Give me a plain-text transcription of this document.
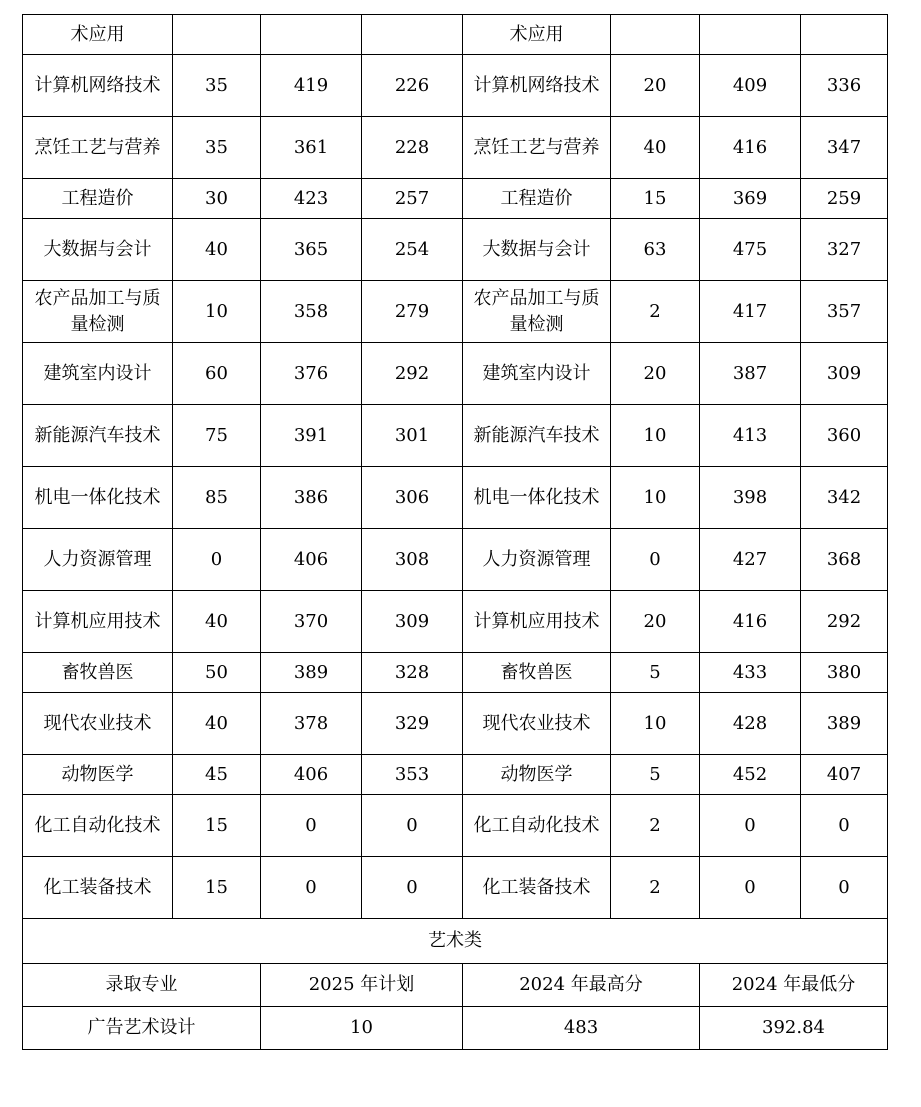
术应用				术应用			
计算机网络技术	35	419	226	计算机网络技术	20	409	336
烹饪工艺与营养	35	361	228	烹饪工艺与营养	40	416	347
工程造价	30	423	257	工程造价	15	369	259
大数据与会计	40	365	254	大数据与会计	63	475	327
农产品加工与质量检测	10	358	279	农产品加工与质量检测	2	417	357
建筑室内设计	60	376	292	建筑室内设计	20	387	309
新能源汽车技术	75	391	301	新能源汽车技术	10	413	360
机电一体化技术	85	386	306	机电一体化技术	10	398	342
人力资源管理	0	406	308	人力资源管理	0	427	368
计算机应用技术	40	370	309	计算机应用技术	20	416	292
畜牧兽医	50	389	328	畜牧兽医	5	433	380
现代农业技术	40	378	329	现代农业技术	10	428	389
动物医学	45	406	353	动物医学	5	452	407
化工自动化技术	15	0	0	化工自动化技术	2	0	0
化工装备技术	15	0	0	化工装备技术	2	0	0
艺术类							
录取专业		2025 年计划		2024 年最高分		2024 年最低分	
广告艺术设计		10		483		392.84	
